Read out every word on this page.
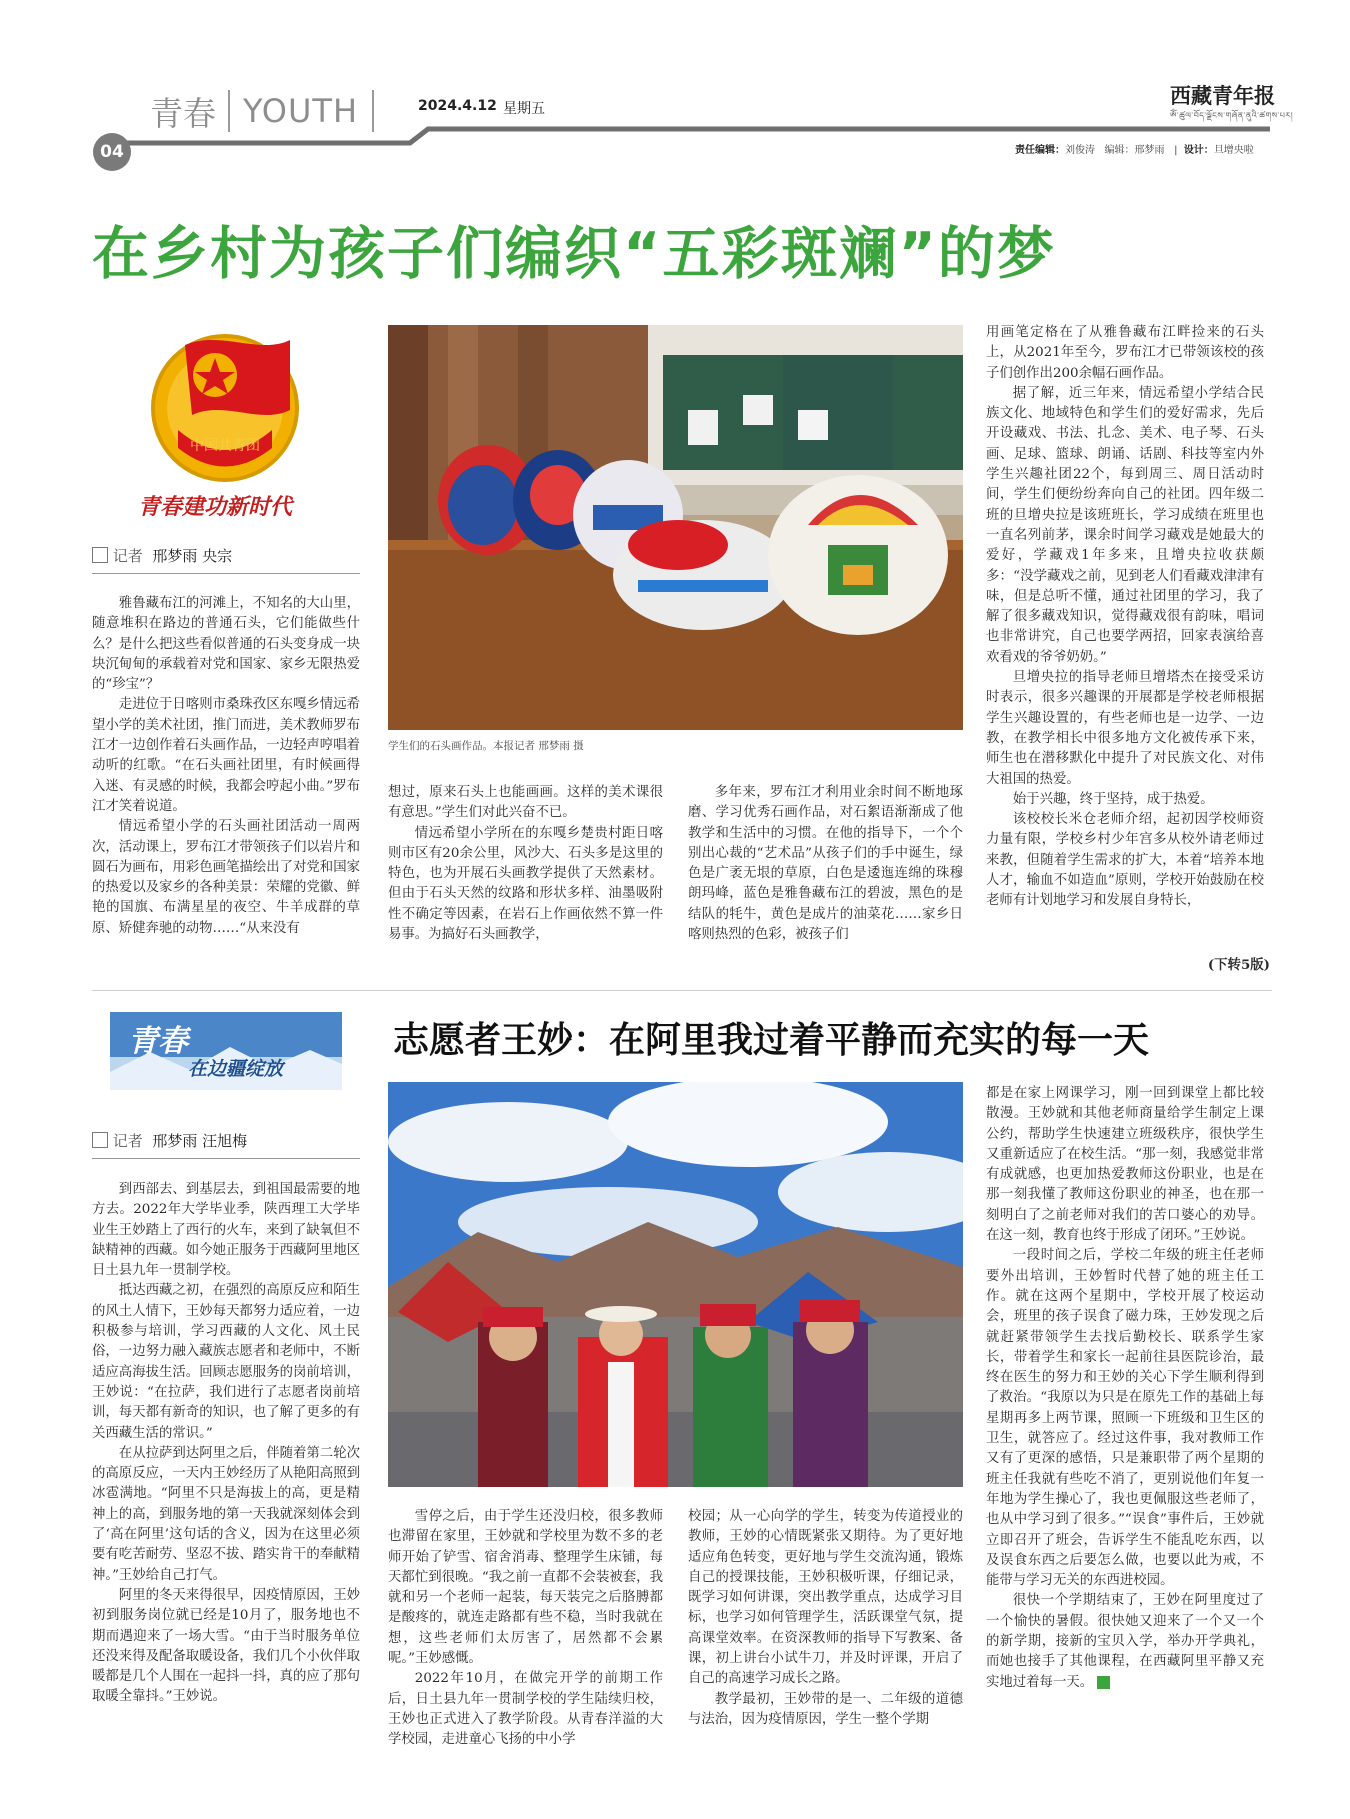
青春 YOUTH	2024.4.12 星期五
西藏青年报
ༀ་ཚུལ་བོད་ལྗོངས་གཞོན་ནུའི་ཚགས་པར།
04	责任编辑：刘俊涛 编辑：邢梦雨   |  设计：旦增央啦
在乡村为孩子们编织“五彩斑斓”的梦
中国共青团
青春建功新时代
记者 邢梦雨 央宗

雅鲁藏布江的河滩上，不知名的大山里，随意堆积在路边的普通石头，它们能做些什么？是什么把这些看似普通的石头变身成一块块沉甸甸的承载着对党和国家、家乡无限热爱的“珍宝”？

走进位于日喀则市桑珠孜区东嘎乡情远希望小学的美术社团，推门而进，美术教师罗布江才一边创作着石头画作品，一边轻声哼唱着动听的红歌。“在石头画社团里，有时候画得入迷、有灵感的时候，我都会哼起小曲。”罗布江才笑着说道。

情远希望小学的石头画社团活动一周两次，活动课上，罗布江才带领孩子们以岩片和圆石为画布，用彩色画笔描绘出了对党和国家的热爱以及家乡的各种美景：荣耀的党徽、鲜艳的国旗、布满星星的夜空、牛羊成群的草原、矫健奔驰的动物……“从来没有

学生们的石头画作品。本报记者 邢梦雨 摄

想过，原来石头上也能画画。这样的美术课很有意思。”学生们对此兴奋不已。

情远希望小学所在的东嘎乡楚贵村距日喀则市区有20余公里，风沙大、石头多是这里的特色，也为开展石头画教学提供了天然素材。但由于石头天然的纹路和形状多样、油墨吸附性不确定等因素，在岩石上作画依然不算一件易事。为搞好石头画教学，

多年来，罗布江才利用业余时间不断地琢磨、学习优秀石画作品，对石絮语渐渐成了他教学和生活中的习惯。在他的指导下，一个个别出心裁的“艺术品”从孩子们的手中诞生，绿色是广袤无垠的草原，白色是逶迤连绵的珠穆朗玛峰，蓝色是雅鲁藏布江的碧波，黑色的是结队的牦牛，黄色是成片的油菜花……家乡日喀则热烈的色彩，被孩子们

用画笔定格在了从雅鲁藏布江畔捡来的石头上，从2021年至今，罗布江才已带领该校的孩子们创作出200余幅石画作品。

据了解，近三年来，情远希望小学结合民族文化、地域特色和学生们的爱好需求，先后开设藏戏、书法、扎念、美术、电子琴、石头画、足球、篮球、朗诵、话剧、科技等室内外学生兴趣社团22个，每到周三、周日活动时间，学生们便纷纷奔向自己的社团。四年级二班的旦增央拉是该班班长，学习成绩在班里也一直名列前茅，课余时间学习藏戏是她最大的爱好，学藏戏1年多来，且增央拉收获颇多：“没学藏戏之前，见到老人们看藏戏津津有味，但是总听不懂，通过社团里的学习，我了解了很多藏戏知识，觉得藏戏很有韵味，唱词也非常讲究，自己也要学两招，回家表演给喜欢看戏的爷爷奶奶。”

旦增央拉的指导老师旦增塔杰在接受采访时表示，很多兴趣课的开展都是学校老师根据学生兴趣设置的，有些老师也是一边学、一边教，在教学相长中很多地方文化被传承下来，师生也在潜移默化中提升了对民族文化、对伟大祖国的热爱。

始于兴趣，终于坚持，成于热爱。

该校校长米仓老师介绍，起初因学校师资力量有限，学校乡村少年宫多从校外请老师过来教，但随着学生需求的扩大，本着“培养本地人才，输血不如造血”原则，学校开始鼓励在校老师有计划地学习和发展自身特长，

(下转5版)
青春
在边疆绽放
志愿者王妙：在阿里我过着平静而充实的每一天
记者 邢梦雨 汪旭梅

到西部去、到基层去，到祖国最需要的地方去。2022年大学毕业季，陕西理工大学毕业生王妙踏上了西行的火车，来到了缺氧但不缺精神的西藏。如今她正服务于西藏阿里地区日土县九年一贯制学校。

抵达西藏之初，在强烈的高原反应和陌生的风土人情下，王妙每天都努力适应着，一边积极参与培训，学习西藏的人文化、风土民俗，一边努力融入藏族志愿者和老师中，不断适应高海拔生活。回顾志愿服务的岗前培训，王妙说：“在拉萨，我们进行了志愿者岗前培训，每天都有新奇的知识，也了解了更多的有关西藏生活的常识。”

在从拉萨到达阿里之后，伴随着第二轮次的高原反应，一天内王妙经历了从艳阳高照到冰雹满地。“阿里不只是海拔上的高，更是精神上的高，到服务地的第一天我就深刻体会到了‘高在阿里’这句话的含义，因为在这里必须要有吃苦耐劳、坚忍不拔、踏实肯干的奉献精神。”王妙给自己打气。

阿里的冬天来得很早，因疫情原因，王妙初到服务岗位就已经是10月了，服务地也不期而遇迎来了一场大雪。“由于当时服务单位还没来得及配备取暖设备，我们几个小伙伴取暖都是几个人围在一起抖一抖，真的应了那句取暖全靠抖。”王妙说。

雪停之后，由于学生还没归校，很多教师也滞留在家里，王妙就和学校里为数不多的老师开始了铲雪、宿舍消毒、整理学生床铺，每天都忙到很晚。“我之前一直都不会装被套，我就和另一个老师一起装，每天装完之后胳膊都是酸疼的，就连走路都有些不稳，当时我就在想，这些老师们太厉害了，居然都不会累呢。”王妙感慨。

2022年10月，在做完开学的前期工作后，日土县九年一贯制学校的学生陆续归校，王妙也正式进入了教学阶段。从青春洋溢的大学校园，走进童心飞扬的中小学

校园；从一心向学的学生，转变为传道授业的教师，王妙的心情既紧张又期待。为了更好地适应角色转变，更好地与学生交流沟通，锻炼自己的授课技能，王妙积极听课，仔细记录，既学习如何讲课，突出教学重点，达成学习目标，也学习如何管理学生，活跃课堂气氛，提高课堂效率。在资深教师的指导下写教案、备课，初上讲台小试牛刀，并及时评课，开启了自己的高速学习成长之路。

教学最初，王妙带的是一、二年级的道德与法治，因为疫情原因，学生一整个学期

都是在家上网课学习，刚一回到课堂上都比较散漫。王妙就和其他老师商量给学生制定上课公约，帮助学生快速建立班级秩序，很快学生又重新适应了在校生活。“那一刻，我感觉非常有成就感，也更加热爱教师这份职业，也是在那一刻我懂了教师这份职业的神圣，也在那一刻明白了之前老师对我们的苦口婆心的劝导。在这一刻，教育也终于形成了闭环。”王妙说。

一段时间之后，学校二年级的班主任老师要外出培训，王妙暂时代替了她的班主任工作。就在这两个星期中，学校开展了校运动会，班里的孩子误食了磁力珠，王妙发现之后就赶紧带领学生去找后勤校长、联系学生家长，带着学生和家长一起前往县医院诊治，最终在医生的努力和王妙的关心下学生顺利得到了救治。“我原以为只是在原先工作的基础上每星期再多上两节课，照顾一下班级和卫生区的卫生，就答应了。经过这件事，我对教师工作又有了更深的感悟，只是兼职带了两个星期的班主任我就有些吃不消了，更别说他们年复一年地为学生操心了，我也更佩服这些老师了，也从中学习到了很多。”“误食”事件后，王妙就立即召开了班会，告诉学生不能乱吃东西，以及误食东西之后要怎么做，也要以此为戒，不能带与学习无关的东西进校园。

很快一个学期结束了，王妙在阿里度过了一个愉快的暑假。很快她又迎来了一个又一个的新学期，接新的宝贝入学，举办开学典礼，而她也接手了其他课程，在西藏阿里平静又充实地过着每一天。
